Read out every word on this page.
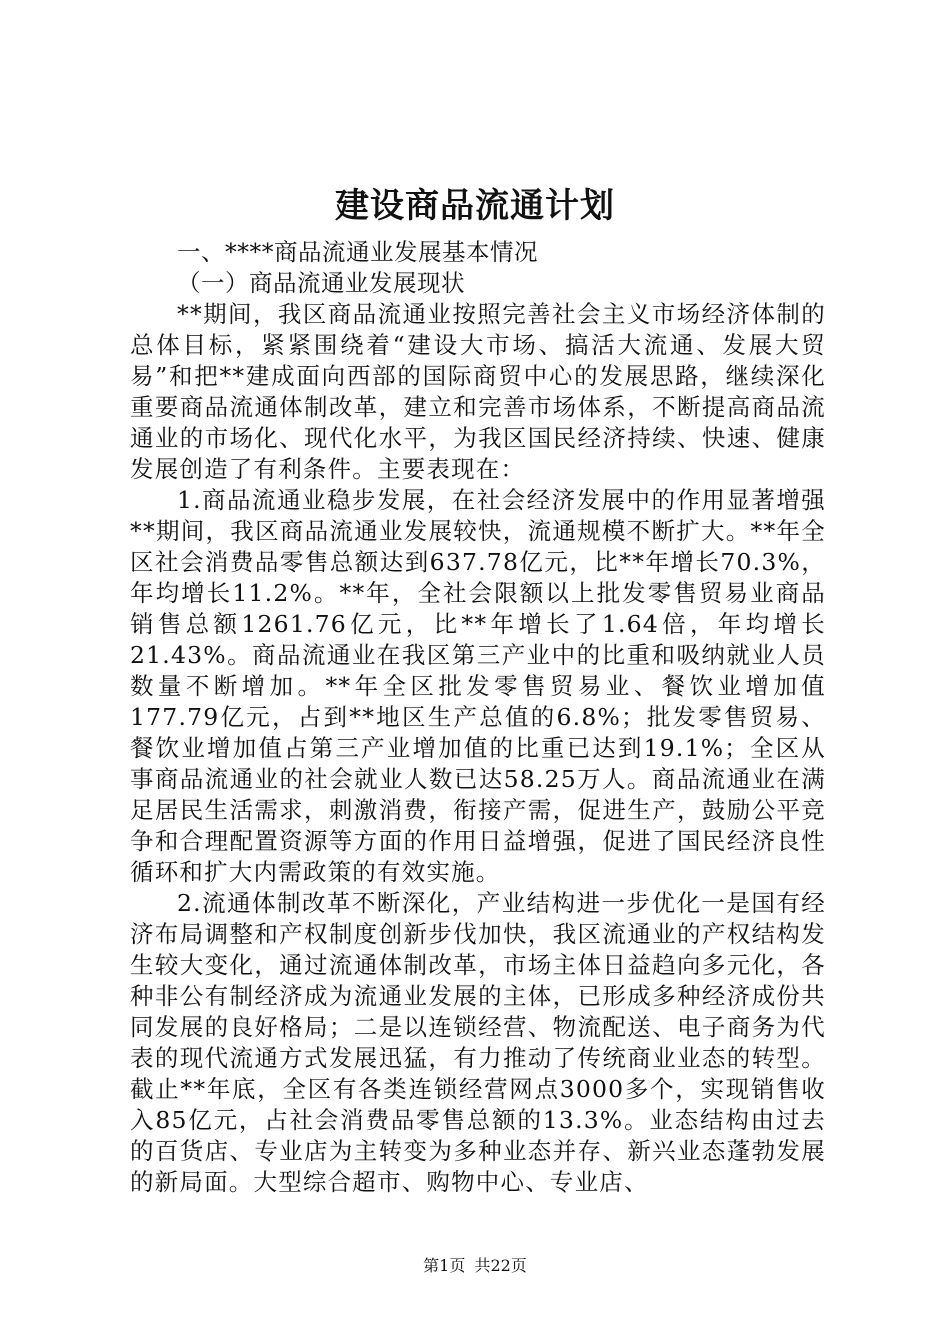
建设商品流通计划

一、****商品流通业发展基本情况

（一）商品流通业发展现状

**期间，我区商品流通业按照完善社会主义市场经济体制的总体目标，紧紧围绕着“建设大市场、搞活大流通、发展大贸易”和把**建成面向西部的国际商贸中心的发展思路，继续深化重要商品流通体制改革，建立和完善市场体系，不断提高商品流通业的市场化、现代化水平，为我区国民经济持续、快速、健康发展创造了有利条件。主要表现在：

1.商品流通业稳步发展，在社会经济发展中的作用显著增强**期间，我区商品流通业发展较快，流通规模不断扩大。**年全区社会消费品零售总额达到637.78亿元，比**年增长70.3%，年均增长11.2%。**年，全社会限额以上批发零售贸易业商品销售总额1261.76亿元，比**年增长了1.64倍，年均增长21.43%。商品流通业在我区第三产业中的比重和吸纳就业人员数量不断增加。**年全区批发零售贸易业、餐饮业增加值177.79亿元，占到**地区生产总值的6.8%；批发零售贸易、餐饮业增加值占第三产业增加值的比重已达到19.1%；全区从事商品流通业的社会就业人数已达58.25万人。商品流通业在满足居民生活需求，刺激消费，衔接产需，促进生产，鼓励公平竞争和合理配置资源等方面的作用日益增强，促进了国民经济良性循环和扩大内需政策的有效实施。

2.流通体制改革不断深化，产业结构进一步优化一是国有经济布局调整和产权制度创新步伐加快，我区流通业的产权结构发生较大变化，通过流通体制改革，市场主体日益趋向多元化，各种非公有制经济成为流通业发展的主体，已形成多种经济成份共同发展的良好格局；二是以连锁经营、物流配送、电子商务为代表的现代流通方式发展迅猛，有力推动了传统商业业态的转型。截止**年底，全区有各类连锁经营网点3000多个，实现销售收入85亿元，占社会消费品零售总额的13.3%。业态结构由过去的百货店、专业店为主转变为多种业态并存、新兴业态蓬勃发展的新局面。大型综合超市、购物中心、专业店、

第1页 共22页
